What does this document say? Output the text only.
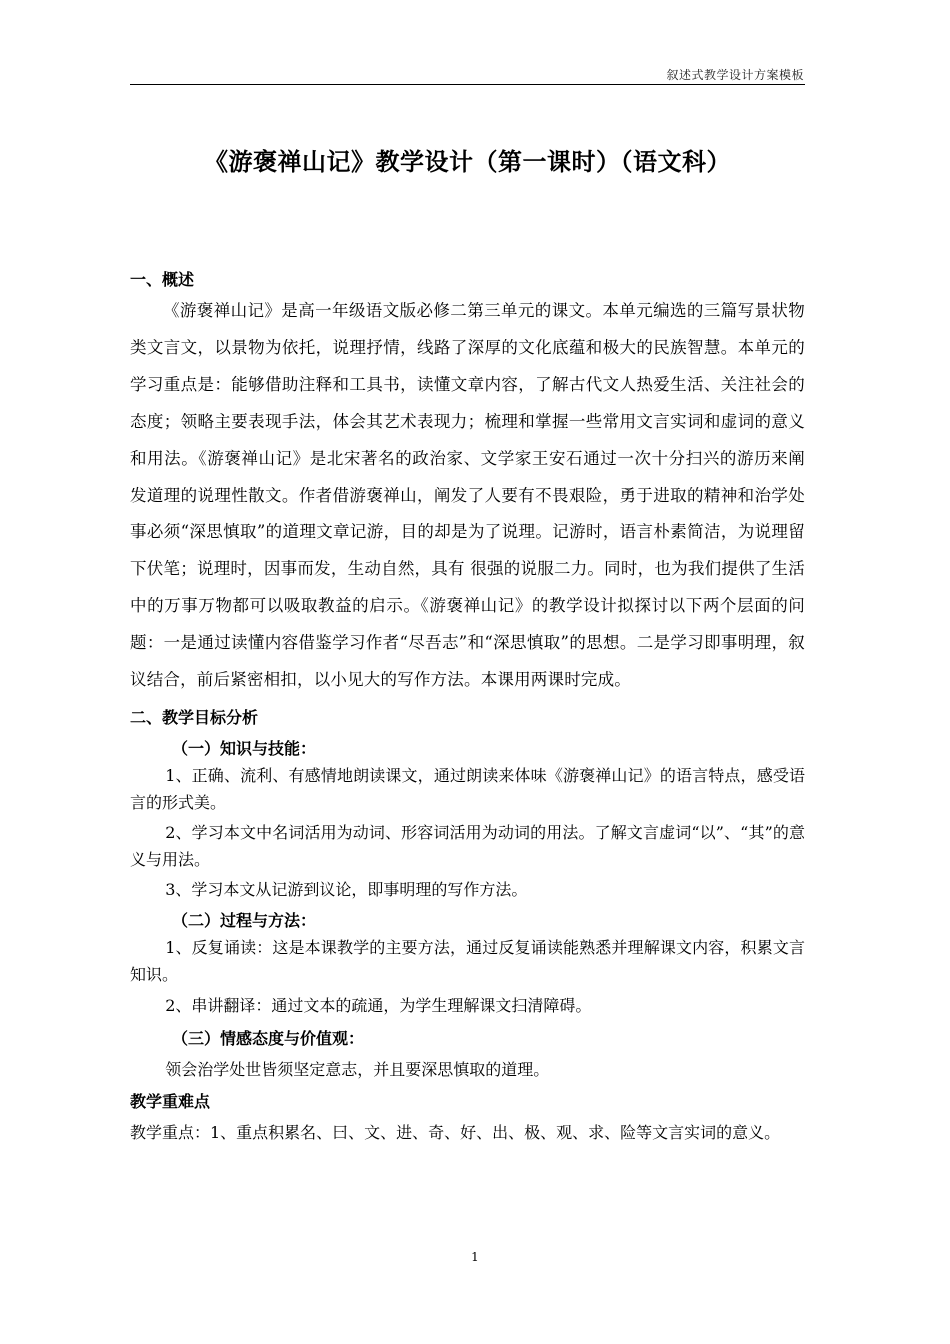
叙述式教学设计方案模板
《游褒禅山记》教学设计（第一课时）（语文科）

一、概述

《游褒禅山记》是高一年级语文版必修二第三单元的课文。本单元编选的三篇写景状物类文言文，以景物为依托，说理抒情，线路了深厚的文化底蕴和极大的民族智慧。本单元的学习重点是：能够借助注释和工具书，读懂文章内容，了解古代文人热爱生活、关注社会的态度；领略主要表现手法，体会其艺术表现力；梳理和掌握一些常用文言实词和虚词的意义和用法。《游褒禅山记》是北宋著名的政治家、文学家王安石通过一次十分扫兴的游历来阐发道理的说理性散文。作者借游褒禅山，阐发了人要有不畏艰险，勇于进取的精神和治学处事必须“深思慎取”的道理文章记游，目的却是为了说理。记游时，语言朴素简洁，为说理留下伏笔；说理时，因事而发，生动自然，具有 很强的说服二力。同时，也为我们提供了生活中的万事万物都可以吸取教益的启示。《游褒禅山记》的教学设计拟探讨以下两个层面的问题：一是通过读懂内容借鉴学习作者“尽吾志”和“深思慎取”的思想。二是学习即事明理，叙议结合，前后紧密相扣，以小见大的写作方法。本课用两课时完成。

二、教学目标分析

（一）知识与技能：

1、正确、流利、有感情地朗读课文，通过朗读来体味《游褒禅山记》的语言特点，感受语言的形式美。

2、学习本文中名词活用为动词、形容词活用为动词的用法。了解文言虚词“以”、“其”的意义与用法。

3、学习本文从记游到议论，即事明理的写作方法。

（二）过程与方法：

1、反复诵读：这是本课教学的主要方法，通过反复诵读能熟悉并理解课文内容，积累文言知识。

2、串讲翻译：通过文本的疏通，为学生理解课文扫清障碍。

（三）情感态度与价值观：

领会治学处世皆须坚定意志，并且要深思慎取的道理。

教学重难点

教学重点：1、重点积累名、曰、文、进、奇、好、出、极、观、求、险等文言实词的意义。

1
